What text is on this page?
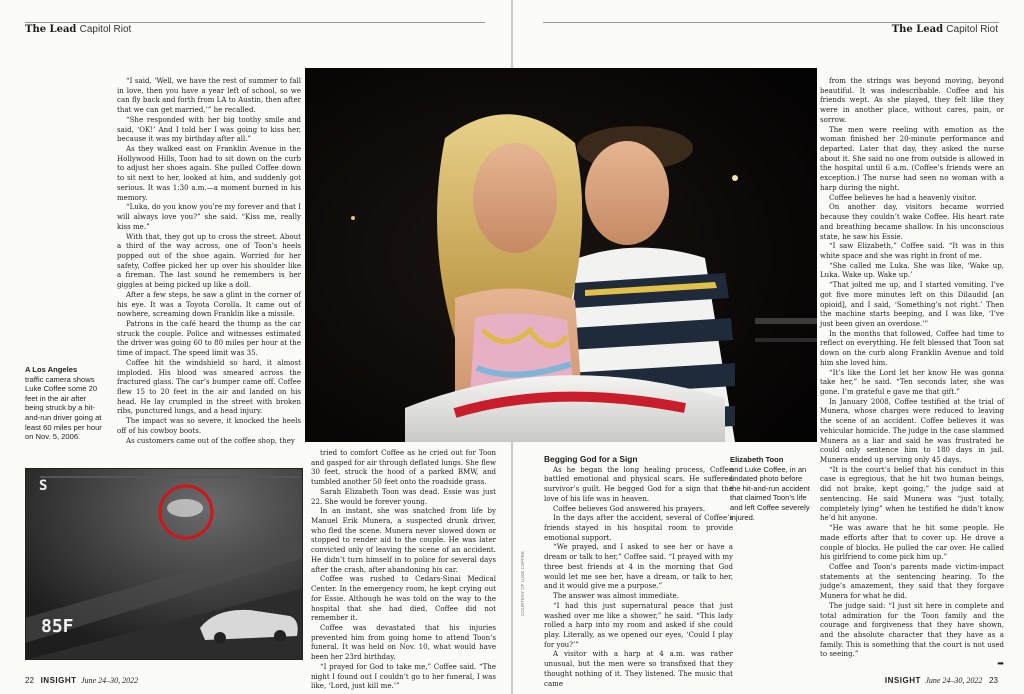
The Lead Capitol Riot

“I said, ‘Well, we have the rest of summer to fall in love, then you have a year left of school, so we can fly back and forth from LA to Austin, then after that we can get married,’” he recalled.

“She responded with her big toothy smile and said, ‘OK!’ And I told her I was going to kiss her, because it was my birthday after all.”

As they walked east on Franklin Avenue in the Hollywood Hills, Toon had to sit down on the curb to adjust her shoes again. She pulled Coffee down to sit next to her, looked at him, and suddenly got serious. It was 1:30 a.m.—a moment burned in his memory.

“Luka, do you know you’re my forever and that I will always love you?” she said. “Kiss me, really kiss me.”

With that, they got up to cross the street. About a third of the way across, one of Toon’s heels popped out of the shoe again. Worried for her safety, Coffee picked her up over his shoulder like a fireman. The last sound he remembers is her giggles at being picked up like a doll.

After a few steps, he saw a glint in the corner of his eye. It was a Toyota Corolla. It came out of nowhere, screaming down Franklin like a missile.

Patrons in the café heard the thump as the car struck the couple. Police and witnesses estimated the driver was going 60 to 80 miles per hour at the time of impact. The speed limit was 35.

Coffee hit the windshield so hard, it almost imploded. His blood was smeared across the fractured glass. The car’s bumper came off. Coffee flew 15 to 20 feet in the air and landed on his head. He lay crumpled in the street with broken ribs, punctured lungs, and a head injury.

The impact was so severe, it knocked the heels off of his cowboy boots.

As customers came out of the coffee shop, they

tried to comfort Coffee as he cried out for Toon and gasped for air through deflated lungs. She flew 30 feet, struck the hood of a parked BMW, and tumbled another 50 feet onto the roadside grass.

Sarah Elizabeth Toon was dead. Essie was just 22. She would be forever young.

In an instant, she was snatched from life by Manuel Erik Munera, a suspected drunk driver, who fled the scene. Munera never slowed down or stopped to render aid to the couple. He was later convicted only of leaving the scene of an accident. He didn’t turn himself in to police for several days after the crash, after abandoning his car.

Coffee was rushed to Cedars-Sinai Medical Center. In the emergency room, he kept crying out for Essie. Although he was told on the way to the hospital that she had died, Coffee did not remember it.

Coffee was devastated that his injuries prevented him from going home to attend Toon’s funeral. It was held on Nov. 10, what would have been her 23rd birthday.

“I prayed for God to take me,” Coffee said. “The night I found out I couldn’t go to her funeral, I was like, ‘Lord, just kill me.’”

A Los Angeles
traffic camera shows Luke Coffee some 20 feet in the air after being struck by a hit-and-run driver going at least 60 miles per hour on Nov. 5, 2006.
S
85F
22 INSIGHT June 24–30, 2022
The Lead Capitol Riot

Begging God for a Sign

As he began the long healing process, Coffee battled emotional and physical scars. He suffered survivor’s guilt. He begged God for a sign that the love of his life was in heaven.

Coffee believes God answered his prayers.

In the days after the accident, several of Coffee’s friends stayed in his hospital room to provide emotional support.

“We prayed, and I asked to see her or have a dream or talk to her,” Coffee said. “I prayed with my three best friends at 4 in the morning that God would let me see her, have a dream, or talk to her, and it would give me a purpose.”

The answer was almost immediate.

“I had this just supernatural peace that just washed over me like a shower,” he said. “This lady rolled a harp into my room and asked if she could play. Literally, as we opened our eyes, ‘Could I play for you?’”

A visitor with a harp at 4 a.m. was rather unusual, but the men were so transfixed that they thought nothing of it. They listened. The music that came

from the strings was beyond moving, beyond beautiful. It was indescribable. Coffee and his friends wept. As she played, they felt like they were in another place, without cares, pain, or sorrow.

The men were reeling with emotion as the woman finished her 20-minute performance and departed. Later that day, they asked the nurse about it. She said no one from outside is allowed in the hospital until 6 a.m. (Coffee’s friends were an exception.) The nurse had seen no woman with a harp during the night.

Coffee believes he had a heavenly visitor.

On another day, visitors became worried because they couldn’t wake Coffee. His heart rate and breathing became shallow. In his unconscious state, he saw his Essie.

“I saw Elizabeth,” Coffee said. “It was in this white space and she was right in front of me.

“She called me Luka. She was like, ‘Wake up, Luka. Wake up. Wake up.’

“That jolted me up, and I started vomiting. I’ve got five more minutes left on this Dilaudid [an opioid], and I said, ‘Something’s not right.’ Then the machine starts beeping, and I was like, ‘I’ve just been given an overdose.’”

In the months that followed, Coffee had time to reflect on everything. He felt blessed that Toon sat down on the curb along Franklin Avenue and told him she loved him.

“It’s like the Lord let her know He was gonna take her,” he said. “Ten seconds later, she was gone. I’m grateful e gave me that gift.”

In January 2008, Coffee testified at the trial of Munera, whose charges were reduced to leaving the scene of an accident. Coffee believes it was vehicular homicide. The judge in the case slammed Munera as a liar and said he was frustrated he could only sentence him to 180 days in jail. Munera ended up serving only 45 days.

“It is the court’s belief that his conduct in this case is egregious, that he hit two human beings, did not brake, kept going,” the judge said at sentencing. He said Munera was “just totally, completely lying” when he testified he didn’t know he’d hit anyone.

“He was aware that he hit some people. He made efforts after that to cover up. He drove a couple of blocks. He pulled the car over. He called his girlfriend to come pick him up.”

Coffee and Toon’s parents made victim-impact statements at the sentencing hearing. To the judge’s amazement, they said that they forgave Munera for what he did.

The judge said: “I just sit here in complete and total admiration for the Toon family and the courage and forgiveness that they have shown, and the absolute character that they have as a family. This is something that the court is not used to seeing.”

➡
Elizabeth Toon
and Luke Coffee, in an undated photo before the hit-and-run accident that claimed Toon’s life and left Coffee severely injured.
INSIGHT June 24–30, 2022 23
COURTESY OF LUKE COFFEE
